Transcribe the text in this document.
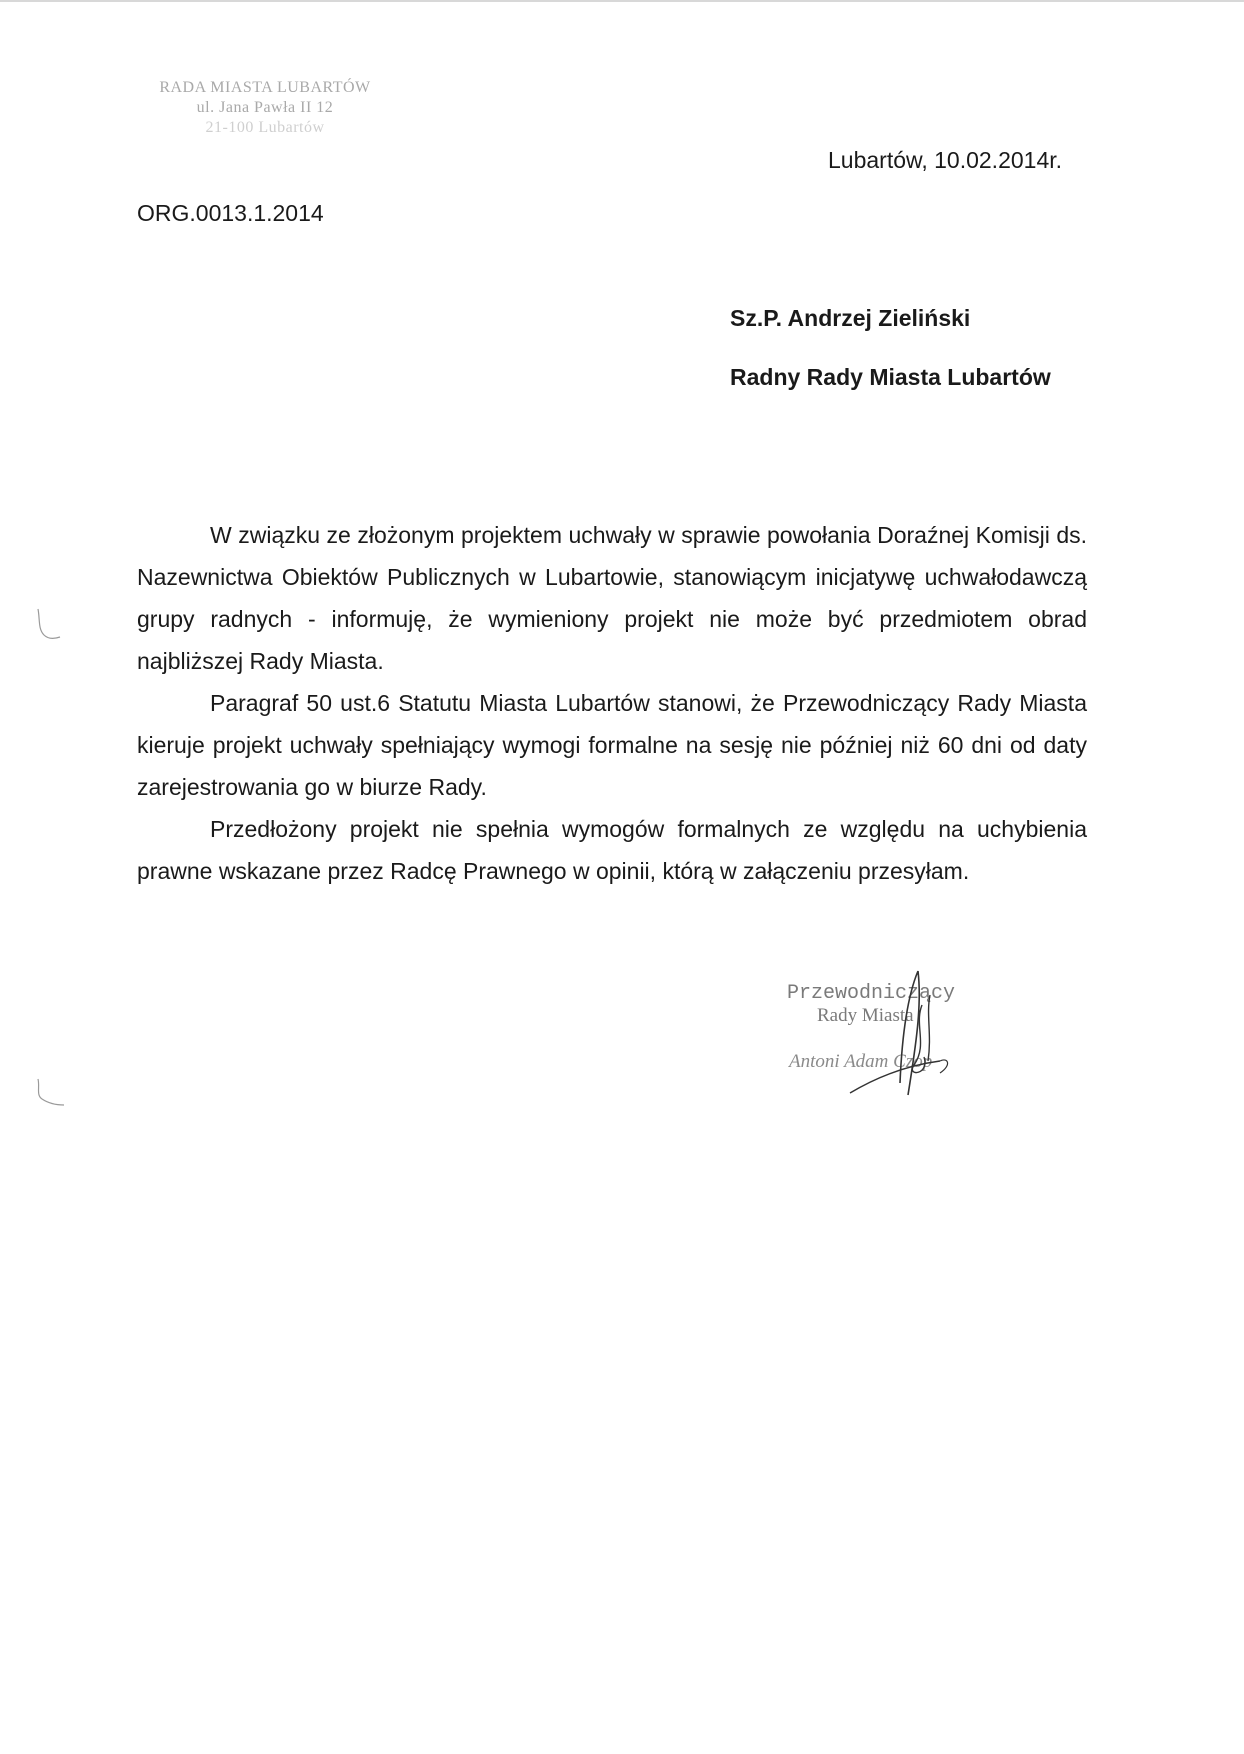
RADA MIASTA LUBARTÓW
ul. Jana Pawła II 12
21-100 Lubartów
Lubartów, 10.02.2014r.
ORG.0013.1.2014
Sz.P. Andrzej Zieliński
Radny Rady Miasta Lubartów

W związku ze złożonym projektem uchwały w sprawie powołania Doraźnej Komisji ds. Nazewnictwa Obiektów Publicznych w Lubartowie, stanowiącym inicjatywę uchwałodawczą grupy radnych - informuję, że wymieniony projekt nie może być przedmiotem obrad najbliższej Rady Miasta.

Paragraf 50 ust.6 Statutu Miasta Lubartów stanowi, że Przewodniczący Rady Miasta kieruje projekt uchwały spełniający wymogi formalne na sesję nie później niż 60 dni od daty zarejestrowania go w biurze Rady.

Przedłożony projekt nie spełnia wymogów formalnych ze względu na uchybienia prawne wskazane przez Radcę Prawnego w opinii, którą w załączeniu przesyłam.

Przewodniczący
Rady Miasta
Antoni Adam Czop
